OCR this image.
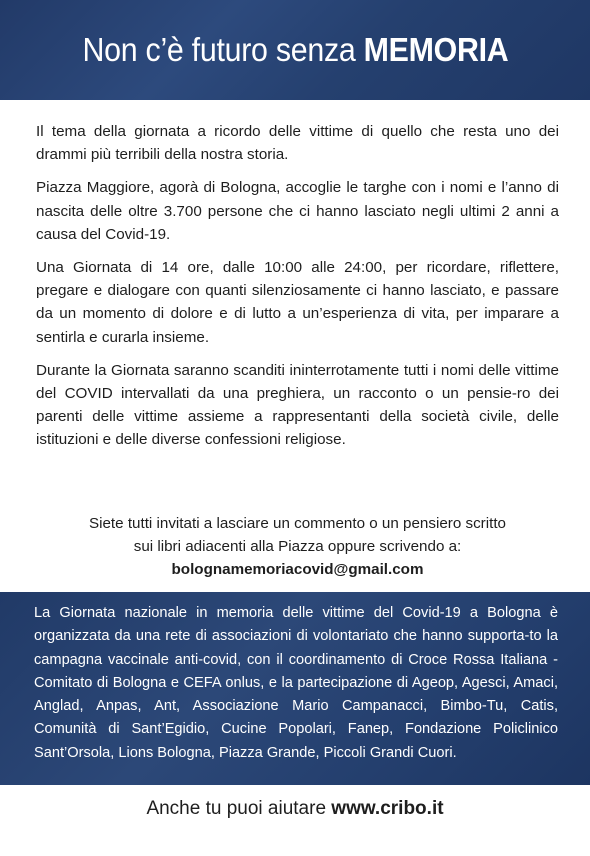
Non c’è futuro senza MEMORIA

Il tema della giornata a ricordo delle vittime di quello che resta uno dei drammi più terribili della nostra storia.

Piazza Maggiore, agorà di Bologna, accoglie le targhe con i nomi e l’anno di nascita delle oltre 3.700 persone che ci hanno lasciato negli ultimi 2 anni a causa del Covid-19.

Una Giornata di 14 ore, dalle 10:00 alle 24:00, per ricordare, riflettere, pregare e dialogare con quanti silenziosamente ci hanno lasciato, e passare da un momento di dolore e di lutto a un’esperienza di vita, per imparare a sentirla e curarla insieme.

Durante la Giornata saranno scanditi ininterrotamente tutti i nomi delle vittime del COVID intervallati da una preghiera, un racconto o un pensie-ro dei parenti delle vittime assieme a rappresentanti della società civile, delle istituzioni e delle diverse confessioni religiose.

Siete tutti invitati a lasciare un commento o un pensiero scritto
sui libri adiacenti alla Piazza oppure scrivendo a:
bolognamemoriacovid@gmail.com

La Giornata nazionale in memoria delle vittime del Covid-19 a Bologna è organizzata da una rete di associazioni di volontariato che hanno supporta-to la campagna vaccinale anti-covid, con il coordinamento di Croce Rossa Italiana - Comitato di Bologna e CEFA onlus, e la partecipazione di Ageop, Agesci, Amaci, Anglad, Anpas, Ant, Associazione Mario Campanacci, Bimbo-Tu, Catis, Comunità di Sant’Egidio, Cucine Popolari, Fanep, Fondazione Policlinico Sant’Orsola, Lions Bologna, Piazza Grande, Piccoli Grandi Cuori.

Anche tu puoi aiutare www.cribo.it
